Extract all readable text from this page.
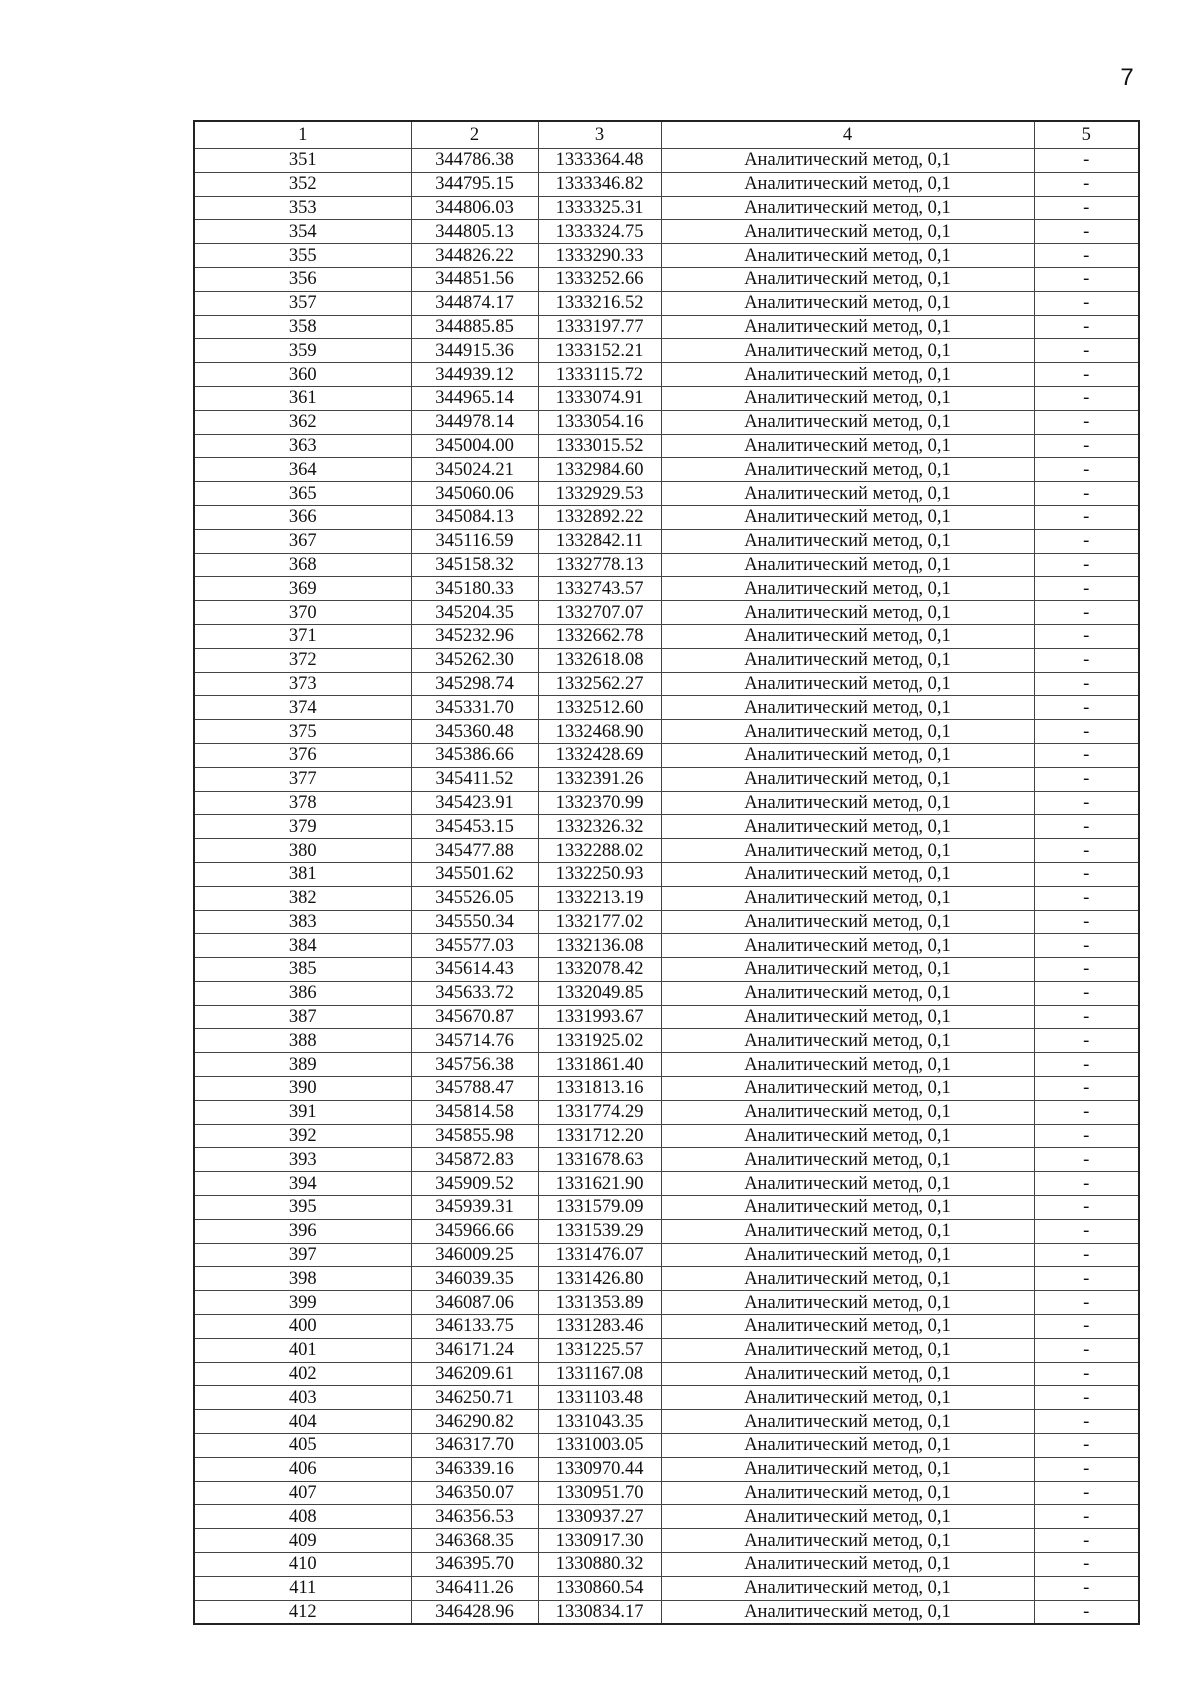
7
1	2	3	4	5
351	344786.38	1333364.48	Аналитический метод, 0,1	-
352	344795.15	1333346.82	Аналитический метод, 0,1	-
353	344806.03	1333325.31	Аналитический метод, 0,1	-
354	344805.13	1333324.75	Аналитический метод, 0,1	-
355	344826.22	1333290.33	Аналитический метод, 0,1	-
356	344851.56	1333252.66	Аналитический метод, 0,1	-
357	344874.17	1333216.52	Аналитический метод, 0,1	-
358	344885.85	1333197.77	Аналитический метод, 0,1	-
359	344915.36	1333152.21	Аналитический метод, 0,1	-
360	344939.12	1333115.72	Аналитический метод, 0,1	-
361	344965.14	1333074.91	Аналитический метод, 0,1	-
362	344978.14	1333054.16	Аналитический метод, 0,1	-
363	345004.00	1333015.52	Аналитический метод, 0,1	-
364	345024.21	1332984.60	Аналитический метод, 0,1	-
365	345060.06	1332929.53	Аналитический метод, 0,1	-
366	345084.13	1332892.22	Аналитический метод, 0,1	-
367	345116.59	1332842.11	Аналитический метод, 0,1	-
368	345158.32	1332778.13	Аналитический метод, 0,1	-
369	345180.33	1332743.57	Аналитический метод, 0,1	-
370	345204.35	1332707.07	Аналитический метод, 0,1	-
371	345232.96	1332662.78	Аналитический метод, 0,1	-
372	345262.30	1332618.08	Аналитический метод, 0,1	-
373	345298.74	1332562.27	Аналитический метод, 0,1	-
374	345331.70	1332512.60	Аналитический метод, 0,1	-
375	345360.48	1332468.90	Аналитический метод, 0,1	-
376	345386.66	1332428.69	Аналитический метод, 0,1	-
377	345411.52	1332391.26	Аналитический метод, 0,1	-
378	345423.91	1332370.99	Аналитический метод, 0,1	-
379	345453.15	1332326.32	Аналитический метод, 0,1	-
380	345477.88	1332288.02	Аналитический метод, 0,1	-
381	345501.62	1332250.93	Аналитический метод, 0,1	-
382	345526.05	1332213.19	Аналитический метод, 0,1	-
383	345550.34	1332177.02	Аналитический метод, 0,1	-
384	345577.03	1332136.08	Аналитический метод, 0,1	-
385	345614.43	1332078.42	Аналитический метод, 0,1	-
386	345633.72	1332049.85	Аналитический метод, 0,1	-
387	345670.87	1331993.67	Аналитический метод, 0,1	-
388	345714.76	1331925.02	Аналитический метод, 0,1	-
389	345756.38	1331861.40	Аналитический метод, 0,1	-
390	345788.47	1331813.16	Аналитический метод, 0,1	-
391	345814.58	1331774.29	Аналитический метод, 0,1	-
392	345855.98	1331712.20	Аналитический метод, 0,1	-
393	345872.83	1331678.63	Аналитический метод, 0,1	-
394	345909.52	1331621.90	Аналитический метод, 0,1	-
395	345939.31	1331579.09	Аналитический метод, 0,1	-
396	345966.66	1331539.29	Аналитический метод, 0,1	-
397	346009.25	1331476.07	Аналитический метод, 0,1	-
398	346039.35	1331426.80	Аналитический метод, 0,1	-
399	346087.06	1331353.89	Аналитический метод, 0,1	-
400	346133.75	1331283.46	Аналитический метод, 0,1	-
401	346171.24	1331225.57	Аналитический метод, 0,1	-
402	346209.61	1331167.08	Аналитический метод, 0,1	-
403	346250.71	1331103.48	Аналитический метод, 0,1	-
404	346290.82	1331043.35	Аналитический метод, 0,1	-
405	346317.70	1331003.05	Аналитический метод, 0,1	-
406	346339.16	1330970.44	Аналитический метод, 0,1	-
407	346350.07	1330951.70	Аналитический метод, 0,1	-
408	346356.53	1330937.27	Аналитический метод, 0,1	-
409	346368.35	1330917.30	Аналитический метод, 0,1	-
410	346395.70	1330880.32	Аналитический метод, 0,1	-
411	346411.26	1330860.54	Аналитический метод, 0,1	-
412	346428.96	1330834.17	Аналитический метод, 0,1	-
